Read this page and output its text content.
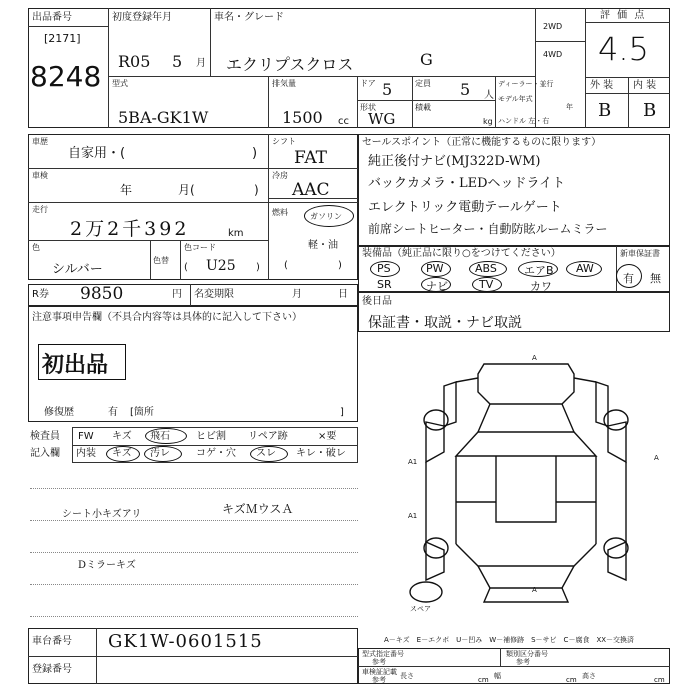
出品番号
[2171]
8248
初度登録年月
R05 5 月
車名・グレード
エクリプスクロス	G
2WD
4WD
評 価 点
4.5
外 装 内 装
B B
型式
5BA-GK1W
排気量
1500 cc
ドア 5	定員 5 人
形状
WG
積載
kg
ディーラー・並行
モデル年式
年
ハンドル 左・右
車歴
自家用・(	)
車検
年	月(	)
走行
2万2千392	km
色
シルバー
色替
色コード
( U25 )
シフト
FAT
冷房
AAC
燃料	ガソリン
軽・油
(	)
セールスポイント（正常に機能するものに限ります）
純正後付ナビ(MJ322D-WM)
バックカメラ・LEDヘッドライト
エレクトリック電動テールゲート
前席シートヒーター・自動防眩ルームミラー
装備品（純正品に限り○をつけてください）	新車保証書
PS	PW	ABS エアB AW
SR	ナビ	TV	カワ
有 無
R券 9850	円 名変期限	月	日
注意事項申告欄（不具合内容等は具体的に記入して下さい）
初出品
修復歴	有 [箇所	]
後日品
保証書・取説・ナビ取説
検査員
記入欄
FW キズ 飛石	ヒビ割 リペア跡	×要
内装 キズ 汚レ	コゲ・穴 スレ キレ・破レ
シート小キズアリ	キズＭウスＡ
Dミラーキズ
A
A
A1
A1
A
スペア
車台番号 GK1W-0601515
登録番号
A－キズ　E－エクボ　U－凹み　W－補修跡　S－サビ　C－腐食　XX－交換済
型式指定番号
参考
類別区分番号
参考
車検証記載
参考 長さ	cm 幅	cm 高さ	cm
